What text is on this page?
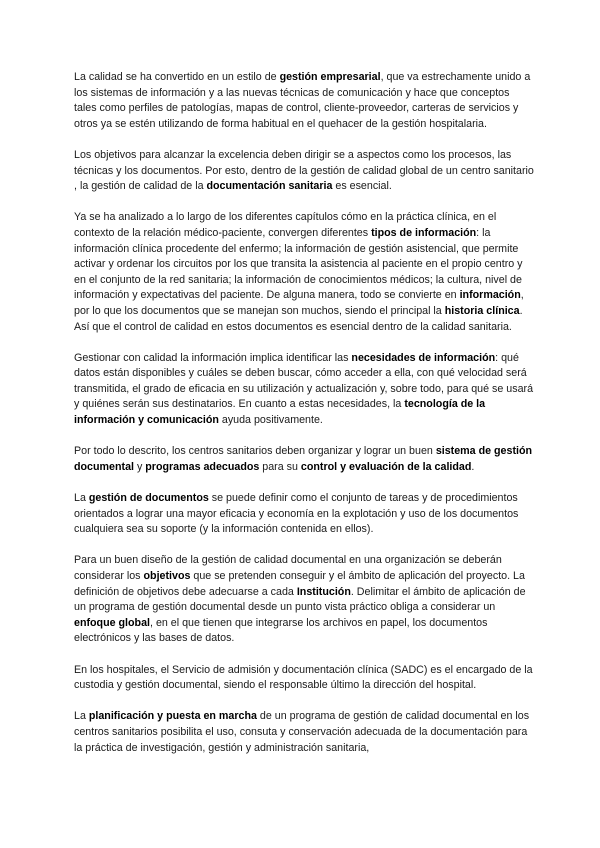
La calidad se ha convertido en un estilo de gestión empresarial, que va estrechamente unido a los sistemas de información y a las nuevas técnicas de comunicación y hace que conceptos tales como perfiles de patologías, mapas de control, cliente-proveedor, carteras de servicios y otros ya se estén utilizando de forma habitual en el quehacer de la gestión hospitalaria.

Los objetivos para alcanzar la excelencia deben dirigir se a aspectos como los procesos, las técnicas y los documentos. Por esto, dentro de la gestión de calidad global de un centro sanitario , la gestión de calidad de la documentación sanitaria es esencial.

Ya se ha analizado a lo largo de los diferentes capítulos cómo en la práctica clínica, en el contexto de la relación médico-paciente, convergen diferentes tipos de información: la información clínica procedente del enfermo; la información de gestión asistencial, que permite activar y ordenar los circuitos por los que transita la asistencia al paciente en el propio centro y en el conjunto de la red sanitaria; la información de conocimientos médicos; la cultura, nivel de información y expectativas del paciente. De alguna manera, todo se convierte en información, por lo que los documentos que se manejan son muchos, siendo el principal la historia clínica. Así que el control de calidad en estos documentos es esencial dentro de la calidad sanitaria.

Gestionar con calidad la información implica identificar las necesidades de información: qué datos están disponibles y cuáles se deben buscar, cómo acceder a ella, con qué velocidad será transmitida, el grado de eficacia en su utilización y actualización y, sobre todo, para qué se usará y quiénes serán sus destinatarios. En cuanto a estas necesidades, la tecnología de la información y comunicación ayuda positivamente.

Por todo lo descrito, los centros sanitarios deben organizar y lograr un buen sistema de gestión documental y programas adecuados para su control y evaluación de la calidad.

La gestión de documentos se puede definir como el conjunto de tareas y de procedimientos orientados a lograr una mayor eficacia y economía en la explotación y uso de los documentos cualquiera sea su soporte (y la información contenida en ellos).

Para un buen diseño de la gestión de calidad documental en una organización se deberán considerar los objetivos que se pretenden conseguir y el ámbito de aplicación del proyecto. La definición de objetivos debe adecuarse a cada Institución. Delimitar el ámbito de aplicación de un programa de gestión documental desde un punto vista práctico obliga a considerar un enfoque global, en el que tienen que integrarse los archivos en papel, los documentos electrónicos y las bases de datos.

En los hospitales, el Servicio de admisión y documentación clínica (SADC) es el encargado de la custodia y gestión documental, siendo el responsable último la dirección del hospital.

La planificación y puesta en marcha de un programa de gestión de calidad documental en los centros sanitarios posibilita el uso, consuta y conservación adecuada de la documentación para la práctica de investigación, gestión y administración sanitaria,
